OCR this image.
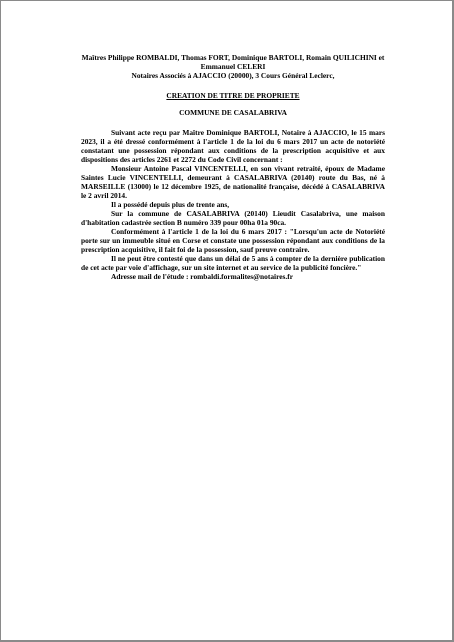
Maîtres Philippe ROMBALDI, Thomas FORT, Dominique BARTOLI, Romain QUILICHINI et
Emmanuel CELERI
Notaires Associés à AJACCIO (20000), 3 Cours Général Leclerc,
CREATION DE TITRE DE PROPRIETE
COMMUNE DE CASALABRIVA

Suivant acte reçu par Maître Dominique BARTOLI, Notaire à AJACCIO, le 15 mars 2023, il a été dressé conformément à l'article 1 de la loi du 6 mars 2017 un acte de notoriété constatant une possession répondant aux conditions de la prescription acquisitive et aux dispositions des articles 2261 et 2272 du Code Civil concernant :

Monsieur Antoine Pascal VINCENTELLI, en son vivant retraité, époux de Madame Saintes Lucie VINCENTELLI, demeurant à CASALABRIVA (20140) route du Bas, né à MARSEILLE (13000) le 12 décembre 1925, de nationalité française, décédé à CASALABRIVA le 2 avril 2014.

Il a possédé depuis plus de trente ans,

Sur la commune de CASALABRIVA (20140) Lieudit Casalabriva, une maison d'habitation cadastrée section B numéro 339 pour 00ha 01a 90ca.

Conformément à l'article 1 de la loi du 6 mars 2017 : "Lorsqu'un acte de Notoriété porte sur un immeuble situé en Corse et constate une possession répondant aux conditions de la prescription acquisitive, il fait foi de la possession, sauf preuve contraire.

Il ne peut être contesté que dans un délai de 5 ans à compter de la dernière publication de cet acte par voie d'affichage, sur un site internet et au service de la publicité foncière."

Adresse mail de l'étude : rombaldi.formalites@notaires.fr
